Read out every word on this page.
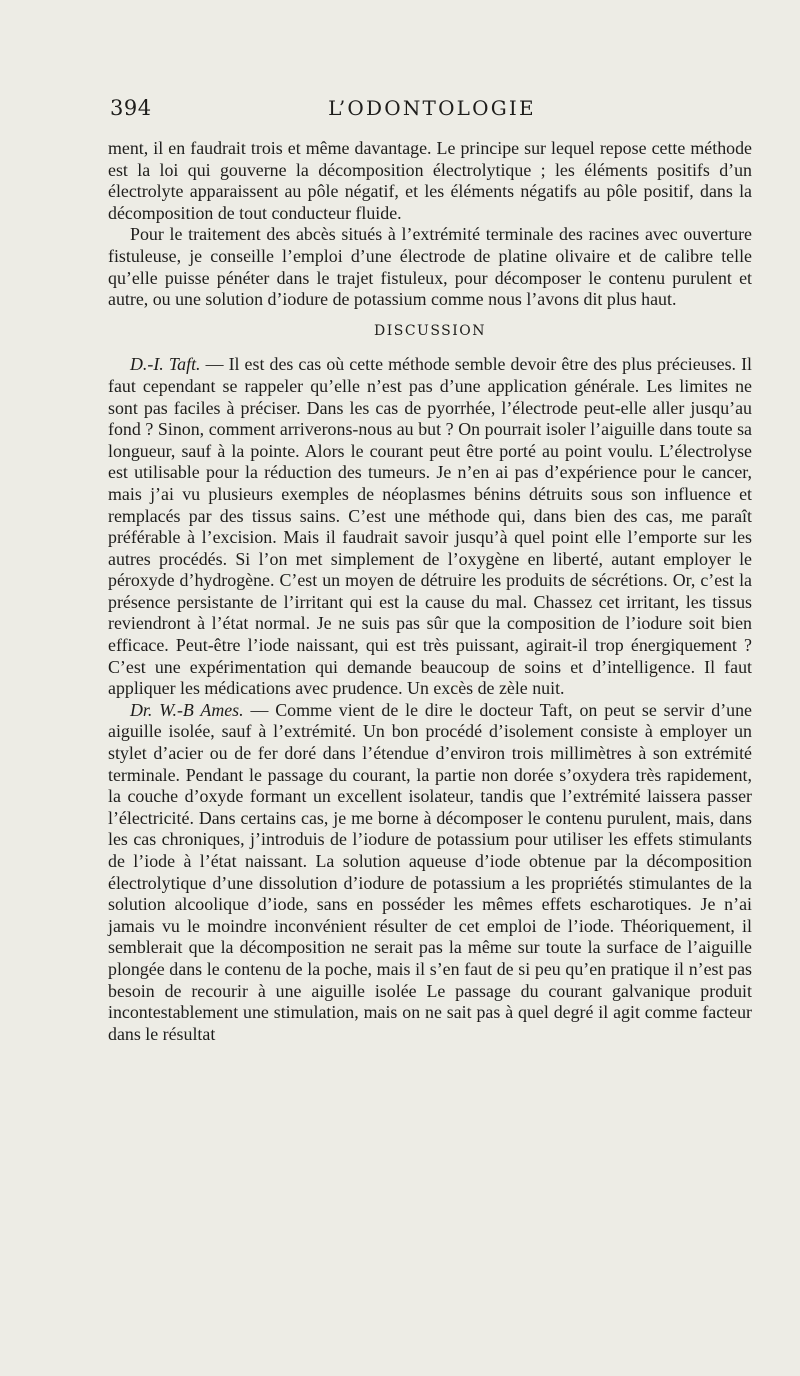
394	L’ODONTOLOGIE

ment, il en faudrait trois et même davantage. Le principe sur lequel repose cette méthode est la loi qui gouverne la décomposition électrolytique ; les éléments positifs d’un électrolyte apparaissent au pôle négatif, et les éléments négatifs au pôle positif, dans la décomposition de tout conducteur fluide.

Pour le traitement des abcès situés à l’extrémité terminale des racines avec ouverture fistuleuse, je conseille l’emploi d’une électrode de platine olivaire et de calibre telle qu’elle puisse pénéter dans le trajet fistuleux, pour décomposer le contenu purulent et autre, ou une solution d’iodure de potassium comme nous l’avons dit plus haut.

DISCUSSION

D.-I. Taft. — Il est des cas où cette méthode semble devoir être des plus précieuses. Il faut cependant se rappeler qu’elle n’est pas d’une application générale. Les limites ne sont pas faciles à préciser. Dans les cas de pyorrhée, l’électrode peut-elle aller jusqu’au fond ? Sinon, comment arriverons-nous au but ? On pourrait isoler l’aiguille dans toute sa longueur, sauf à la pointe. Alors le courant peut être porté au point voulu. L’électrolyse est utilisable pour la réduction des tumeurs. Je n’en ai pas d’expérience pour le cancer, mais j’ai vu plusieurs exemples de néoplasmes bénins détruits sous son influence et remplacés par des tissus sains. C’est une méthode qui, dans bien des cas, me paraît préférable à l’excision. Mais il faudrait savoir jusqu’à quel point elle l’emporte sur les autres procédés. Si l’on met simplement de l’oxygène en liberté, autant employer le péroxyde d’hydrogène. C’est un moyen de détruire les produits de sécrétions. Or, c’est la présence persistante de l’irritant qui est la cause du mal. Chassez cet irritant, les tissus reviendront à l’état normal. Je ne suis pas sûr que la composition de l’iodure soit bien efficace. Peut-être l’iode naissant, qui est très puissant, agirait-il trop énergiquement ? C’est une expérimentation qui demande beaucoup de soins et d’intelligence. Il faut appliquer les médications avec prudence. Un excès de zèle nuit.

Dr. W.-B Ames. — Comme vient de le dire le docteur Taft, on peut se servir d’une aiguille isolée, sauf à l’extrémité. Un bon procédé d’isolement consiste à employer un stylet d’acier ou de fer doré dans l’étendue d’environ trois millimètres à son extrémité terminale. Pendant le passage du courant, la partie non dorée s’oxydera très rapidement, la couche d’oxyde formant un excellent isolateur, tandis que l’extrémité laissera passer l’électricité. Dans certains cas, je me borne à décomposer le contenu purulent, mais, dans les cas chroniques, j’introduis de l’iodure de potassium pour utiliser les effets stimulants de l’iode à l’état naissant. La solution aqueuse d’iode obtenue par la décomposition électrolytique d’une dissolution d’iodure de potassium a les propriétés stimulantes de la solution alcoolique d’iode, sans en posséder les mêmes effets escharotiques. Je n’ai jamais vu le moindre inconvénient résulter de cet emploi de l’iode. Théoriquement, il semblerait que la décomposition ne serait pas la même sur toute la surface de l’aiguille plongée dans le contenu de la poche, mais il s’en faut de si peu qu’en pratique il n’est pas besoin de recourir à une aiguille isolée Le passage du courant galvanique produit incontestablement une stimulation, mais on ne sait pas à quel degré il agit comme facteur dans le résultat
